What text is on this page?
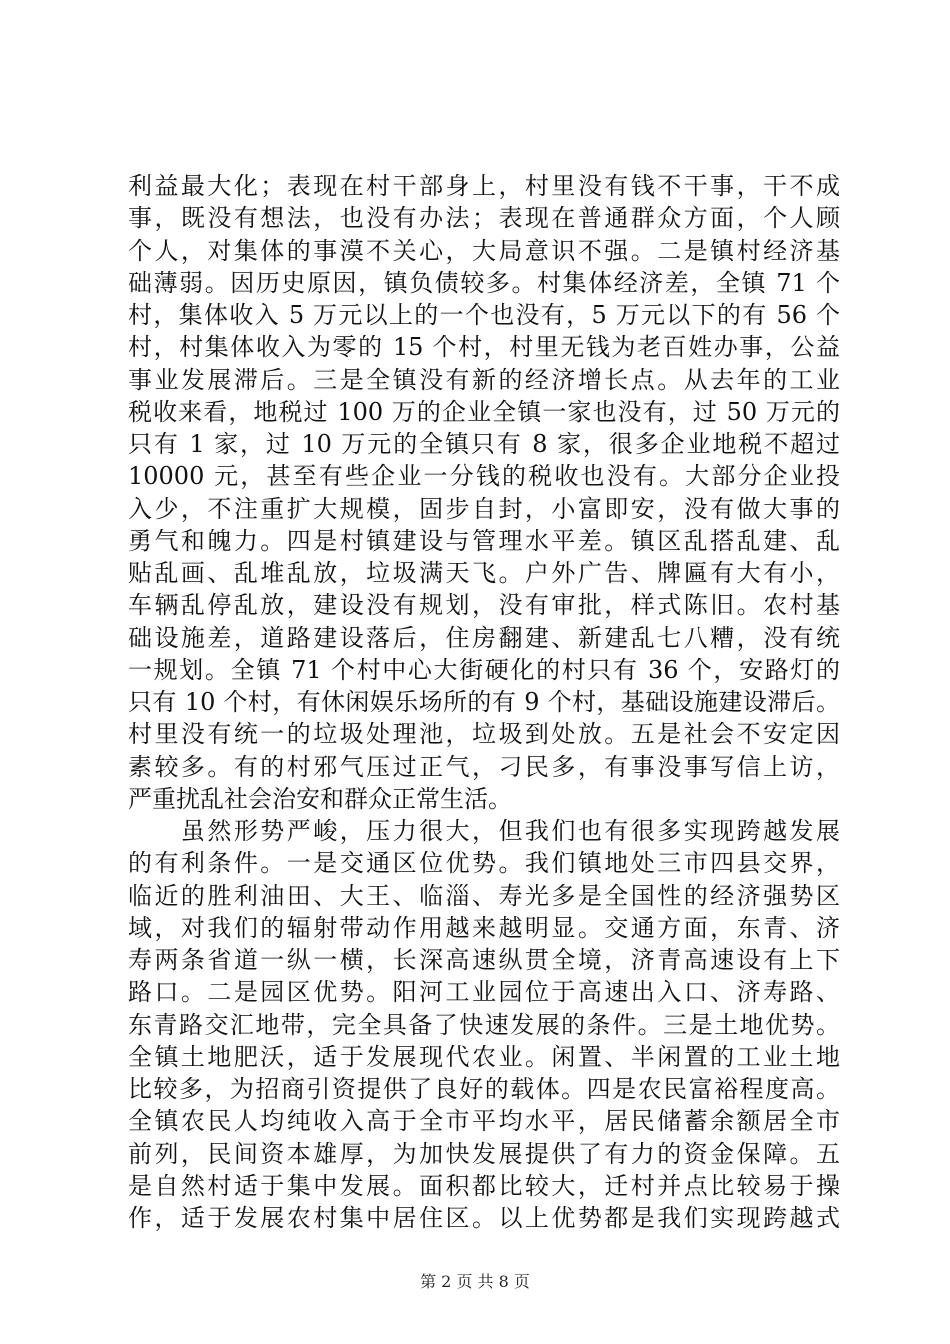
利益最大化；表现在村干部身上，村里没有钱不干事，干不成
事，既没有想法，也没有办法；表现在普通群众方面，个人顾
个人，对集体的事漠不关心，大局意识不强。二是镇村经济基
础薄弱。因历史原因，镇负债较多。村集体经济差，全镇 71 个
村，集体收入 5 万元以上的一个也没有，5 万元以下的有 56 个
村，村集体收入为零的 15 个村，村里无钱为老百姓办事，公益
事业发展滞后。三是全镇没有新的经济增长点。从去年的工业
税收来看，地税过 100 万的企业全镇一家也没有，过 50 万元的
只有 1 家，过 10 万元的全镇只有 8 家，很多企业地税不超过
10000 元，甚至有些企业一分钱的税收也没有。大部分企业投
入少，不注重扩大规模，固步自封，小富即安，没有做大事的
勇气和魄力。四是村镇建设与管理水平差。镇区乱搭乱建、乱
贴乱画、乱堆乱放，垃圾满天飞。户外广告、牌匾有大有小，
车辆乱停乱放，建设没有规划，没有审批，样式陈旧。农村基
础设施差，道路建设落后，住房翻建、新建乱七八糟，没有统
一规划。全镇 71 个村中心大街硬化的村只有 36 个，安路灯的
只有 10 个村，有休闲娱乐场所的有 9 个村，基础设施建设滞后。
村里没有统一的垃圾处理池，垃圾到处放。五是社会不安定因
素较多。有的村邪气压过正气，刁民多，有事没事写信上访，
严重扰乱社会治安和群众正常生活。
　　虽然形势严峻，压力很大，但我们也有很多实现跨越发展
的有利条件。一是交通区位优势。我们镇地处三市四县交界，
临近的胜利油田、大王、临淄、寿光多是全国性的经济强势区
域，对我们的辐射带动作用越来越明显。交通方面，东青、济
寿两条省道一纵一横，长深高速纵贯全境，济青高速设有上下
路口。二是园区优势。阳河工业园位于高速出入口、济寿路、
东青路交汇地带，完全具备了快速发展的条件。三是土地优势。
全镇土地肥沃，适于发展现代农业。闲置、半闲置的工业土地
比较多，为招商引资提供了良好的载体。四是农民富裕程度高。
全镇农民人均纯收入高于全市平均水平，居民储蓄余额居全市
前列，民间资本雄厚，为加快发展提供了有力的资金保障。五
是自然村适于集中发展。面积都比较大，迁村并点比较易于操
作，适于发展农村集中居住区。以上优势都是我们实现跨越式
第 2 页 共 8 页
